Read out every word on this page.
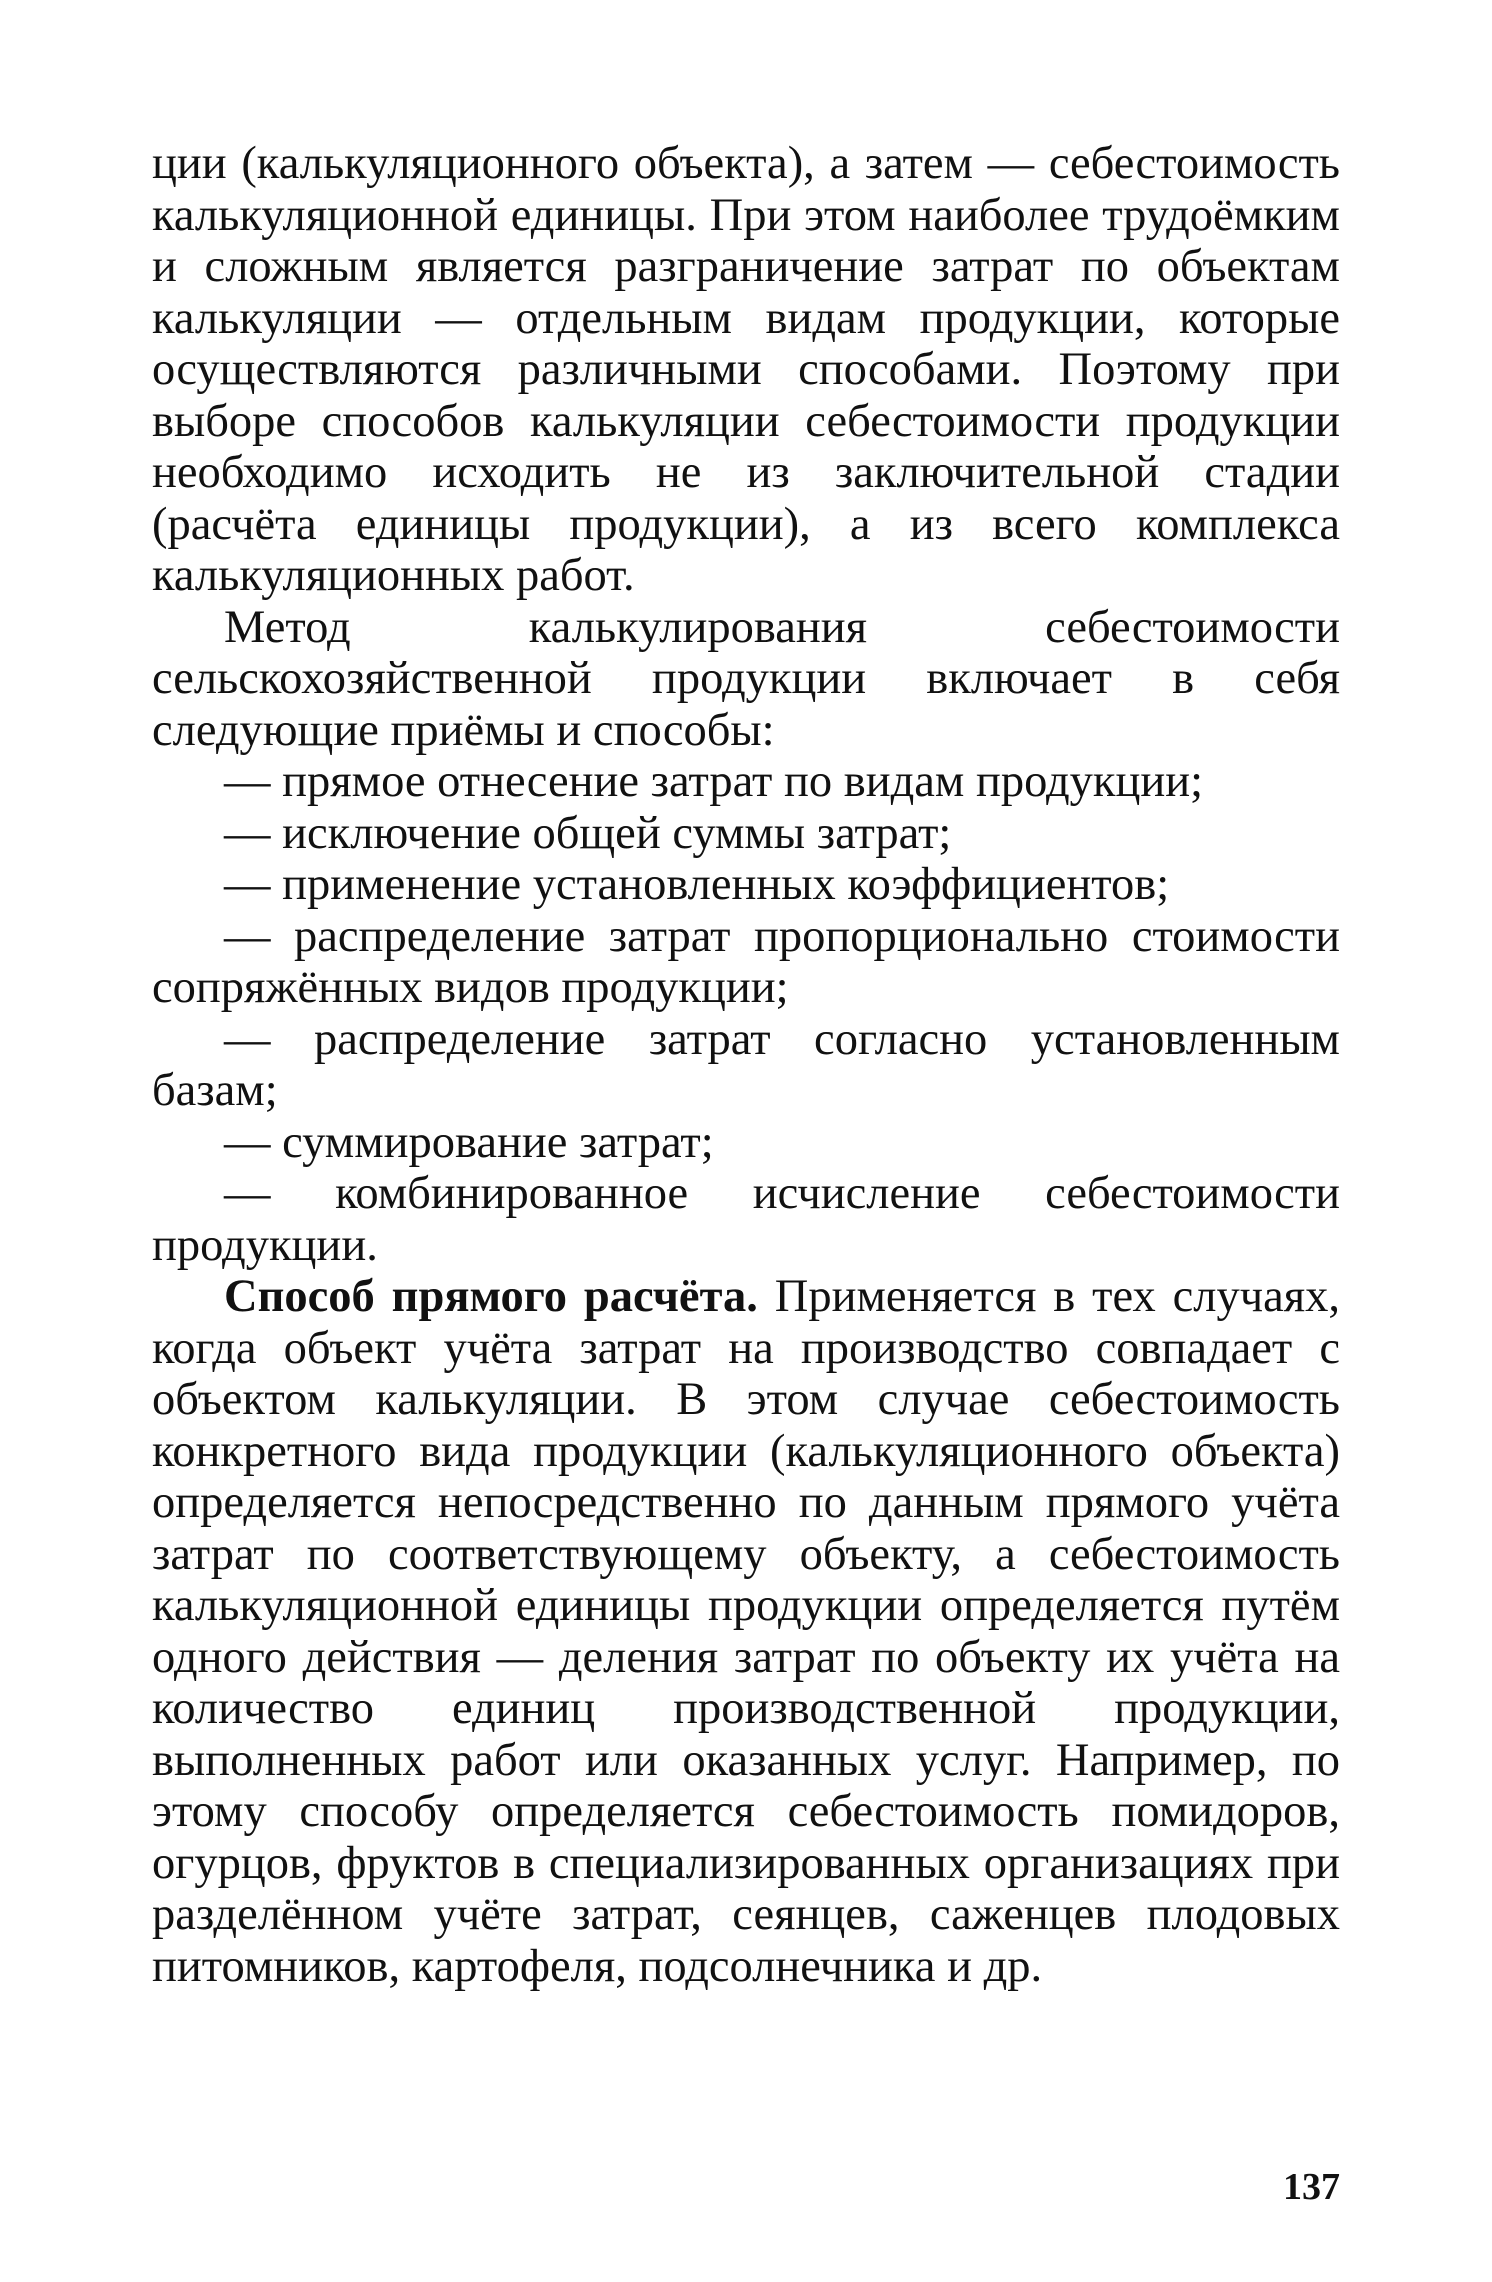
ции (калькуляционного объекта), а затем — себестоимость калькуляционной единицы. При этом наиболее трудоёмким и сложным является разграничение затрат по объектам калькуляции — отдельным видам продукции, которые осуществляются различными способами. Поэтому при выборе способов калькуляции себестоимости продукции необходимо исходить не из заключительной стадии (расчёта единицы продукции), а из всего комплекса калькуляционных работ.

Метод калькулирования себестоимости сельскохозяйственной продукции включает в себя следующие приёмы и способы:

— прямое отнесение затрат по видам продукции;

— исключение общей суммы затрат;

— применение установленных коэффициентов;

— распределение затрат пропорционально стоимости сопряжённых видов продукции;

— распределение затрат согласно установленным базам;

— суммирование затрат;

— комбинированное исчисление себестоимости продукции.

Способ прямого расчёта. Применяется в тех случаях, когда объект учёта затрат на производство совпадает с объектом калькуляции. В этом случае себестоимость конкретного вида продукции (калькуляционного объекта) определяется непосредственно по данным прямого учёта затрат по соответствующему объекту, а себестоимость калькуляционной единицы продукции определяется путём одного действия — деления затрат по объекту их учёта на количество единиц производственной продукции, выполненных работ или оказанных услуг. Например, по этому способу определяется себестоимость помидоров, огурцов, фруктов в специализированных организациях при разделённом учёте затрат, сеянцев, саженцев плодовых питомников, картофеля, подсолнечника и др.

137
